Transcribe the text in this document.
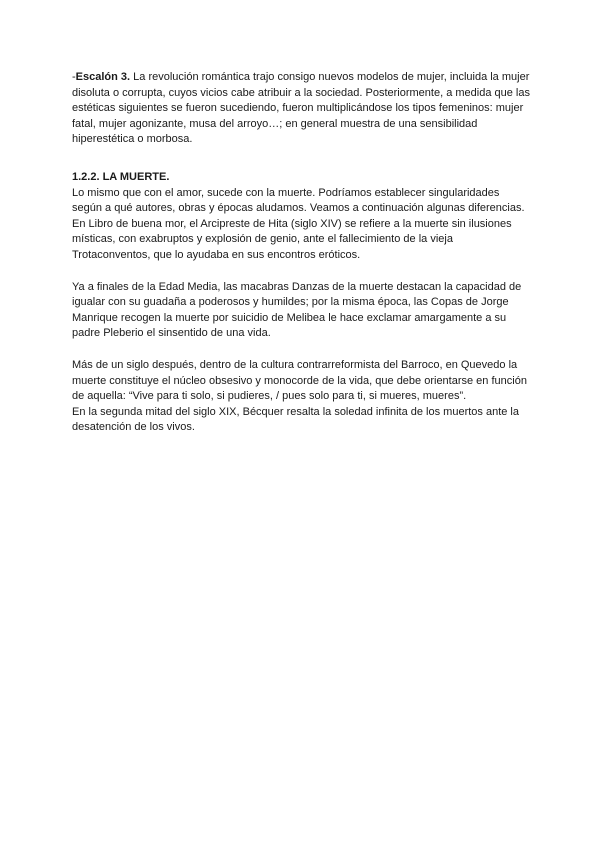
-Escalón 3. La revolución romántica trajo consigo nuevos modelos de mujer, incluida la mujer disoluta o corrupta, cuyos vicios cabe atribuir a la sociedad. Posteriormente, a medida que las estéticas siguientes se fueron sucediendo, fueron multiplicándose los tipos femeninos: mujer fatal, mujer agonizante, musa del arroyo…; en general muestra de una sensibilidad hiperestética o morbosa.

1.2.2. LA MUERTE.

Lo mismo que con el amor, sucede con la muerte. Podríamos establecer singularidades según a qué autores, obras y épocas aludamos. Veamos a continuación algunas diferencias.

En Libro de buena mor, el Arcipreste de Hita (siglo XIV) se refiere a la muerte sin ilusiones místicas, con exabruptos y explosión de genio, ante el fallecimiento de la vieja Trotaconventos, que lo ayudaba en sus encontros eróticos.

Ya a finales de la Edad Media, las macabras Danzas de la muerte destacan la capacidad de igualar con su guadaña a poderosos y humildes; por la misma época, las Copas de Jorge Manrique recogen la muerte por suicidio de Melibea le hace exclamar amargamente a su padre Pleberio el sinsentido de una vida.

Más de un siglo después, dentro de la cultura contrarreformista del Barroco, en Quevedo la muerte constituye el núcleo obsesivo y monocorde de la vida, que debe orientarse en función de aquella: “Vive para ti solo, si pudieres, / pues solo para ti, si mueres, mueres”.

En la segunda mitad del siglo XIX, Bécquer resalta la soledad infinita de los muertos ante la desatención de los vivos.
